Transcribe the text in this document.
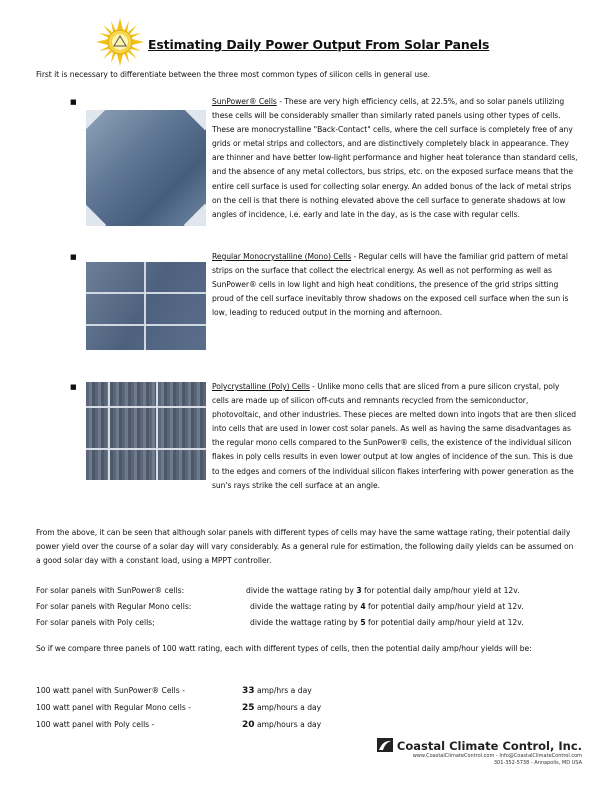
Estimating Daily Power Output From Solar Panels
First it is necessary to differentiate between the three most common types of silicon cells in general use.
■	SunPower® Cells - These are very high efficiency cells, at 22.5%, and so solar panels utilizing these cells will be considerably smaller than similarly rated panels using other types of cells. These are monocrystalline "Back-Contact" cells, where the cell surface is completely free of any grids or metal strips and collectors, and are distinctively completely black in appearance. They are thinner and have better low-light performance and higher heat tolerance than standard cells, and the absence of any metal collectors, bus strips, etc. on the exposed surface means that the entire cell surface is used for collecting solar energy. An added bonus of the lack of metal strips on the cell is that there is nothing elevated above the cell surface to generate shadows at low angles of incidence, i.e. early and late in the day, as is the case with regular cells.
■	Regular Monocrystalline (Mono) Cells - Regular cells will have the familiar grid pattern of metal strips on the surface that collect the electrical energy. As well as not performing as well as SunPower® cells in low light and high heat conditions, the presence of the grid strips sitting proud of the cell surface inevitably throw shadows on the exposed cell surface when the sun is low, leading to reduced output in the morning and afternoon.
■	Polycrystalline (Poly) Cells - Unlike mono cells that are sliced from a pure silicon crystal, poly cells are made up of silicon off-cuts and remnants recycled from the semiconductor, photovoltaic, and other industries. These pieces are melted down into ingots that are then sliced into cells that are used in lower cost solar panels. As well as having the same disadvantages as the regular mono cells compared to the SunPower® cells, the existence of the individual silicon flakes in poly cells results in even lower output at low angles of incidence of the sun. This is due to the edges and corners of the individual silicon flakes interfering with power generation as the sun's rays strike the cell surface at an angle.
From the above, it can be seen that although solar panels with different types of cells may have the same wattage rating, their potential daily power yield over the course of a solar day will vary considerably. As a general rule for estimation, the following daily yields can be assumed on a good solar day with a constant load, using a MPPT controller.
For solar panels with SunPower® cells:	divide the wattage rating by 3 for potential daily amp/hour yield at 12v.
For solar panels with Regular Mono cells:	divide the wattage rating by 4 for potential daily amp/hour yield at 12v.
For solar panels with Poly cells;	divide the wattage rating by 5 for potential daily amp/hour yield at 12v.
So if we compare three panels of 100 watt rating, each with different types of cells, then the potential daily amp/hour yields will be:
100 watt panel with SunPower® Cells -	33 amp/hrs a day
100 watt panel with Regular Mono cells -	25 amp/hours a day
100 watt panel with Poly cells -	20 amp/hours a day
Coastal Climate Control, Inc.
www.CoastalClimateControl.com - Info@CoastalClimateControl.com
301-352-5738 - Annapolis, MD USA
